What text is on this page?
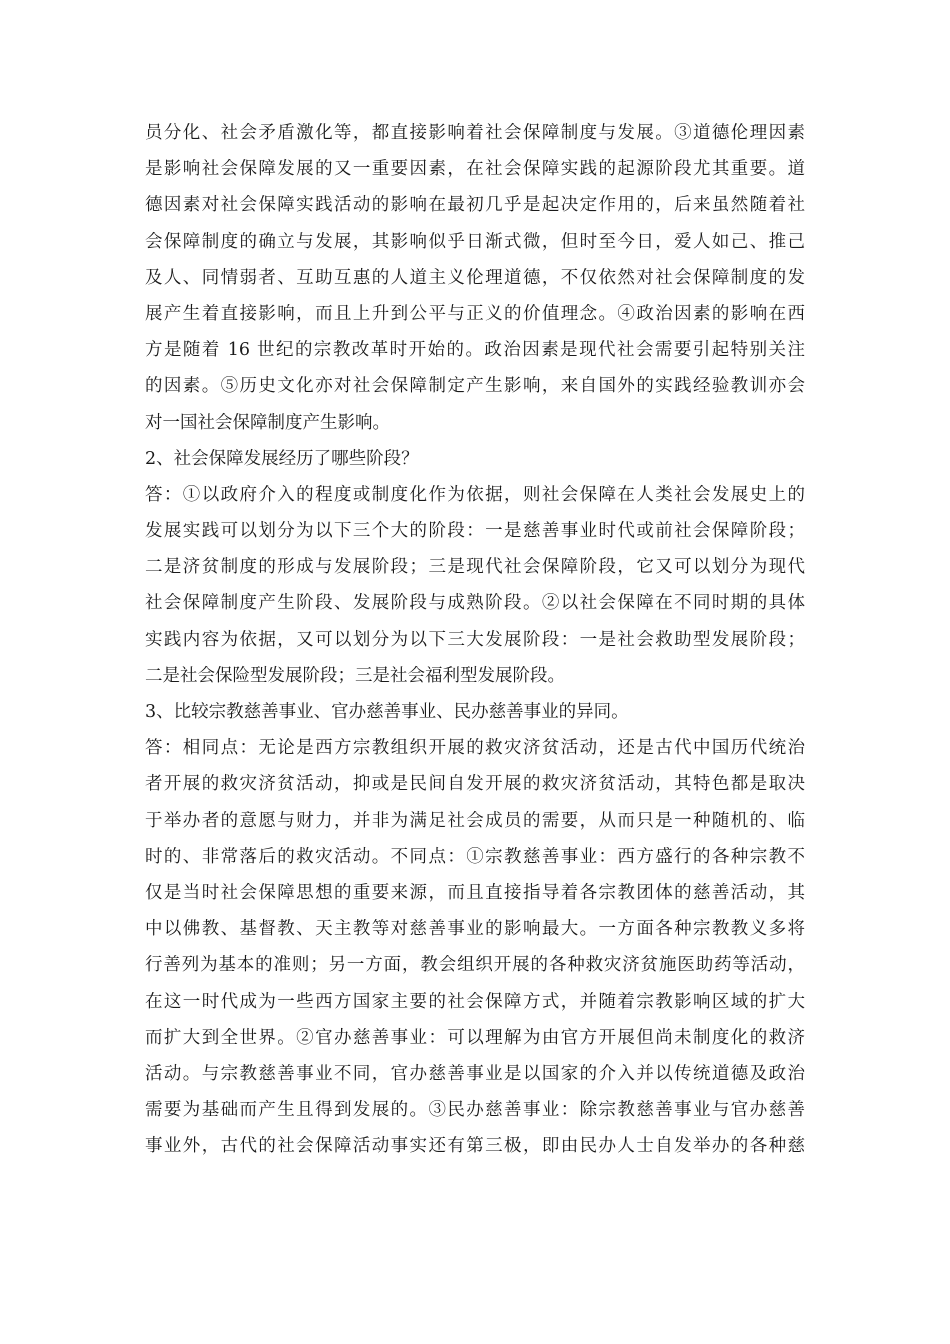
员分化、社会矛盾激化等，都直接影响着社会保障制度与发展。③道德伦理因素
是影响社会保障发展的又一重要因素，在社会保障实践的起源阶段尤其重要。道
德因素对社会保障实践活动的影响在最初几乎是起决定作用的，后来虽然随着社
会保障制度的确立与发展，其影响似乎日渐式微，但时至今日，爱人如己、推己
及人、同情弱者、互助互惠的人道主义伦理道德，不仅依然对社会保障制度的发
展产生着直接影响，而且上升到公平与正义的价值理念。④政治因素的影响在西
方是随着 16 世纪的宗教改革时开始的。政治因素是现代社会需要引起特别关注
的因素。⑤历史文化亦对社会保障制定产生影响，来自国外的实践经验教训亦会
对一国社会保障制度产生影响。
2、社会保障发展经历了哪些阶段？
答：①以政府介入的程度或制度化作为依据，则社会保障在人类社会发展史上的
发展实践可以划分为以下三个大的阶段：一是慈善事业时代或前社会保障阶段；
二是济贫制度的形成与发展阶段；三是现代社会保障阶段，它又可以划分为现代
社会保障制度产生阶段、发展阶段与成熟阶段。②以社会保障在不同时期的具体
实践内容为依据，又可以划分为以下三大发展阶段：一是社会救助型发展阶段；
二是社会保险型发展阶段；三是社会福利型发展阶段。
3、比较宗教慈善事业、官办慈善事业、民办慈善事业的异同。
答：相同点：无论是西方宗教组织开展的救灾济贫活动，还是古代中国历代统治
者开展的救灾济贫活动，抑或是民间自发开展的救灾济贫活动，其特色都是取决
于举办者的意愿与财力，并非为满足社会成员的需要，从而只是一种随机的、临
时的、非常落后的救灾活动。不同点：①宗教慈善事业：西方盛行的各种宗教不
仅是当时社会保障思想的重要来源，而且直接指导着各宗教团体的慈善活动，其
中以佛教、基督教、天主教等对慈善事业的影响最大。一方面各种宗教教义多将
行善列为基本的准则；另一方面，教会组织开展的各种救灾济贫施医助药等活动，
在这一时代成为一些西方国家主要的社会保障方式，并随着宗教影响区域的扩大
而扩大到全世界。②官办慈善事业：可以理解为由官方开展但尚未制度化的救济
活动。与宗教慈善事业不同，官办慈善事业是以国家的介入并以传统道德及政治
需要为基础而产生且得到发展的。③民办慈善事业：除宗教慈善事业与官办慈善
事业外，古代的社会保障活动事实还有第三极，即由民办人士自发举办的各种慈
